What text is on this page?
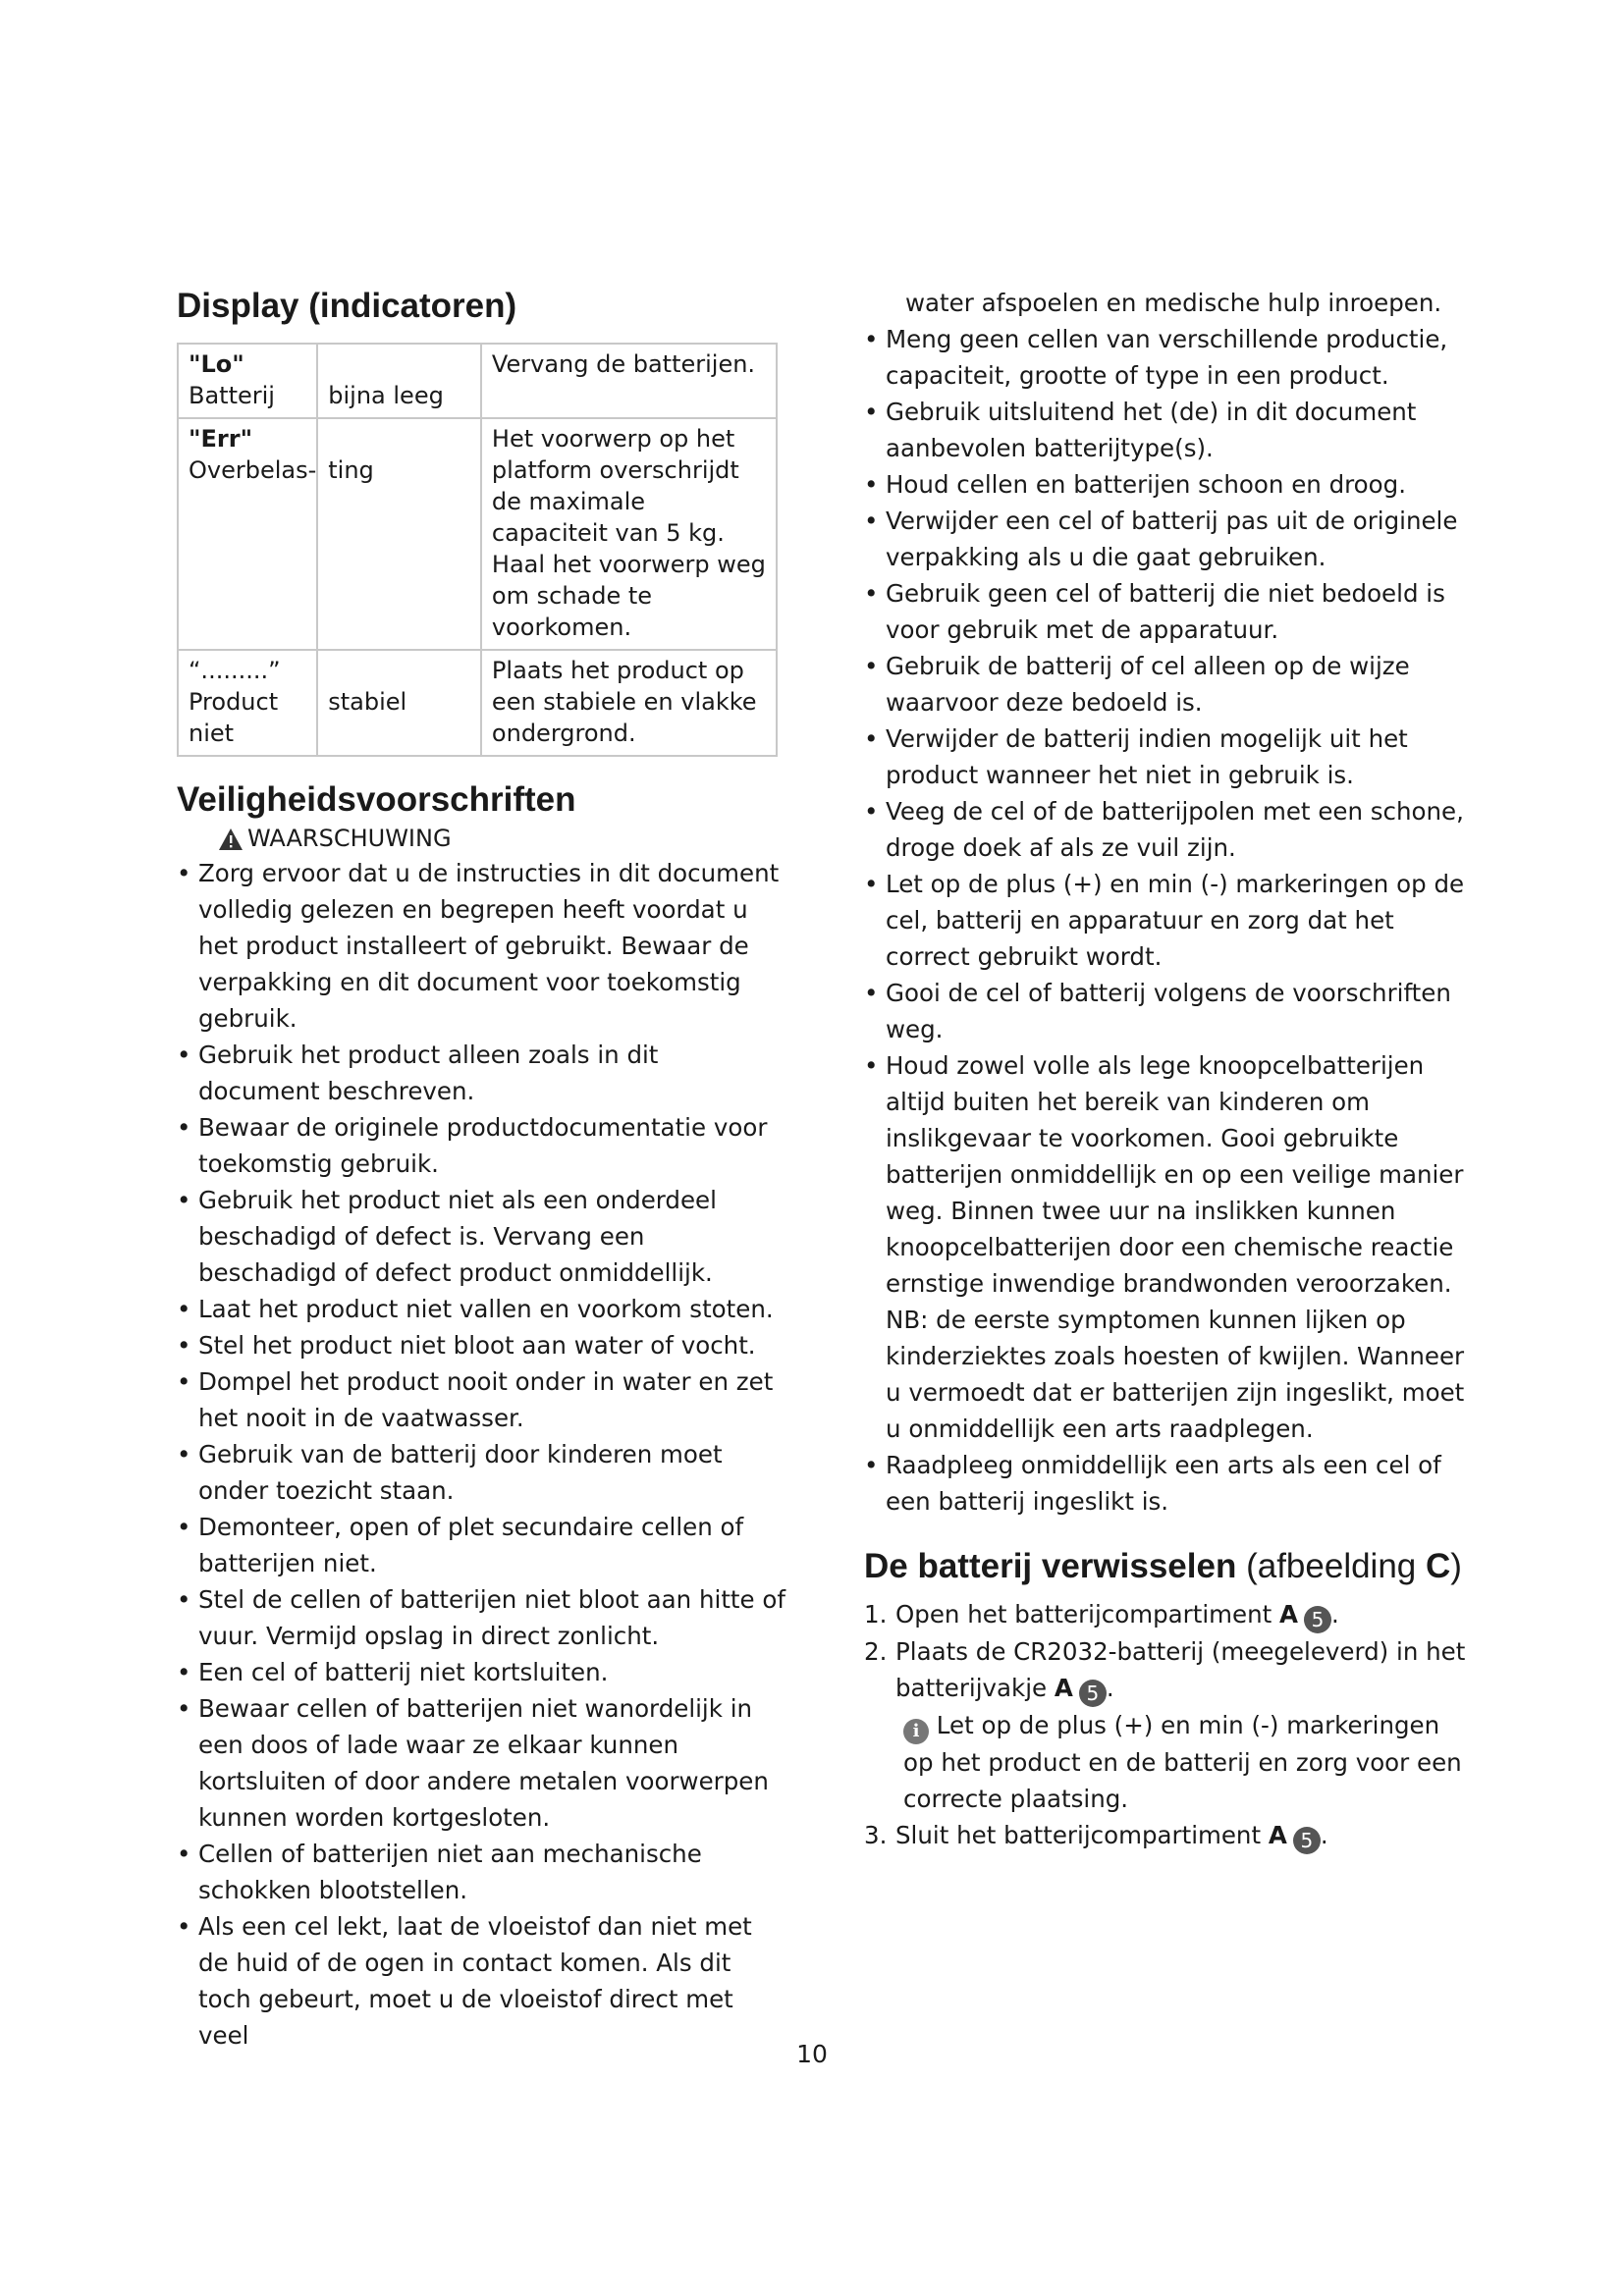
Display (indicatoren)
"Lo" Batterij	bijna leeg	Vervang de batterijen.
"Err" Overbelas-	ting	Het voorwerp op het platform overschrijdt de maximale capaciteit van 5 kg. Haal het voorwerp weg om schade te voorkomen.
“.........” Product niet	stabiel	Plaats het product op een stabiele en vlakke ondergrond.
Veiligheidsvoorschriften
WAARSCHUWING
• Zorg ervoor dat u de instructies in dit document volledig gelezen en begrepen heeft voordat u het product installeert of gebruikt. Bewaar de verpakking en dit document voor toekomstig gebruik.
• Gebruik het product alleen zoals in dit document beschreven.
• Bewaar de originele productdocumentatie voor toekomstig gebruik.
• Gebruik het product niet als een onderdeel beschadigd of defect is. Vervang een beschadigd of defect product onmiddellijk.
• Laat het product niet vallen en voorkom stoten.
• Stel het product niet bloot aan water of vocht.
• Dompel het product nooit onder in water en zet het nooit in de vaatwasser.
• Gebruik van de batterij door kinderen moet onder toezicht staan.
• Demonteer, open of plet secundaire cellen of batterijen niet.
• Stel de cellen of batterijen niet bloot aan hitte of vuur. Vermijd opslag in direct zonlicht.
• Een cel of batterij niet kortsluiten.
• Bewaar cellen of batterijen niet wanordelijk in een doos of lade waar ze elkaar kunnen kortsluiten of door andere metalen voorwerpen kunnen worden kortgesloten.
• Cellen of batterijen niet aan mechanische schokken blootstellen.
• Als een cel lekt, laat de vloeistof dan niet met de huid of de ogen in contact komen. Als dit toch gebeurt, moet u de vloeistof direct met veel
water afspoelen en medische hulp inroepen.
• Meng geen cellen van verschillende productie, capaciteit, grootte of type in een product.
• Gebruik uitsluitend het (de) in dit document aanbevolen batterijtype(s).
• Houd cellen en batterijen schoon en droog.
• Verwijder een cel of batterij pas uit de originele verpakking als u die gaat gebruiken.
• Gebruik geen cel of batterij die niet bedoeld is voor gebruik met de apparatuur.
• Gebruik de batterij of cel alleen op de wijze waarvoor deze bedoeld is.
• Verwijder de batterij indien mogelijk uit het product wanneer het niet in gebruik is.
• Veeg de cel of de batterijpolen met een schone, droge doek af als ze vuil zijn.
• Let op de plus (+) en min (-) markeringen op de cel, batterij en apparatuur en zorg dat het correct gebruikt wordt.
• Gooi de cel of batterij volgens de voorschriften weg.
• Houd zowel volle als lege knoopcelbatterijen altijd buiten het bereik van kinderen om inslikgevaar te voorkomen. Gooi gebruikte batterijen onmiddellijk en op een veilige manier weg. Binnen twee uur na inslikken kunnen knoopcelbatterijen door een chemische reactie ernstige inwendige brandwonden veroorzaken. NB: de eerste symptomen kunnen lijken op kinderziektes zoals hoesten of kwijlen. Wanneer u vermoedt dat er batterijen zijn ingeslikt, moet u onmiddellijk een arts raadplegen.
• Raadpleeg onmiddellijk een arts als een cel of een batterij ingeslikt is.
De batterij verwisselen (afbeelding C)
1. Open het batterijcompartiment A 5 .
2. Plaats de CR2032-batterij (meegeleverd) in het batterijvakje A 5 .
i Let op de plus (+) en min (-) markeringen op het product en de batterij en zorg voor een correcte plaatsing.
3. Sluit het batterijcompartiment A 5 .
10
